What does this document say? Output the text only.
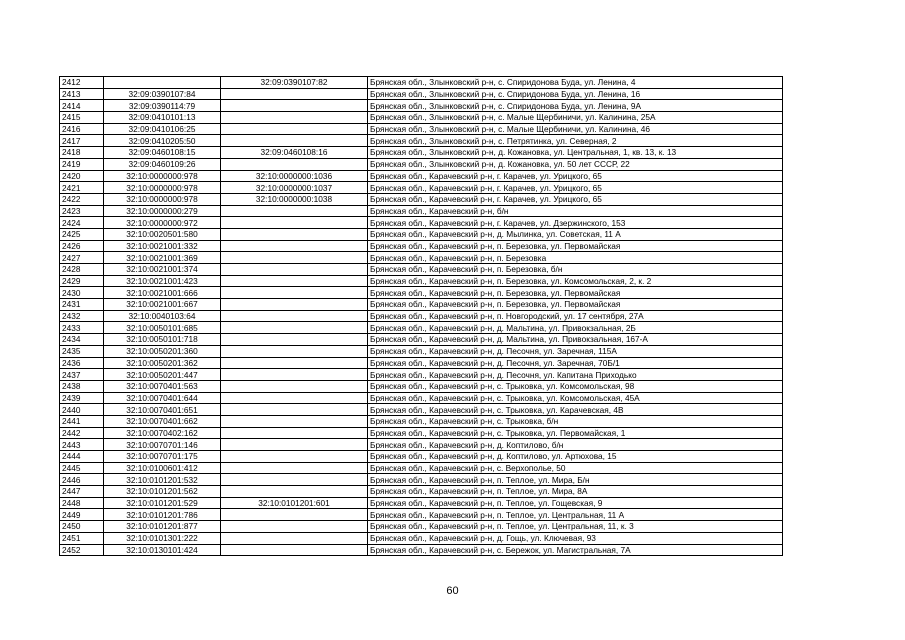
2412		32:09:0390107:82	Брянская обл., Злынковский р-н, с. Спиридонова Буда, ул. Ленина, 4
2413	32:09:0390107:84		Брянская обл., Злынковский р-н, с. Спиридонова Буда, ул. Ленина, 16
2414	32:09:0390114:79		Брянская обл., Злынковский р-н, с. Спиридонова Буда, ул. Ленина, 9А
2415	32:09:0410101:13		Брянская обл., Злынковский р-н, с. Малые Щербиничи, ул. Калинина, 25А
2416	32:09:0410106:25		Брянская обл., Злынковский р-н, с. Малые Щербиничи, ул. Калинина, 46
2417	32:09:0410205:50		Брянская обл., Злынковский р-н, с. Петрятинка, ул. Северная, 2
2418	32:09:0460108:15	32:09:0460108:16	Брянская обл., Злынковский р-н, д. Кожановка, ул. Центральная, 1, кв. 13, к. 13
2419	32:09:0460109:26		Брянская обл., Злынковский р-н, д. Кожановка, ул. 50 лет СССР, 22
2420	32:10:0000000:978	32:10:0000000:1036	Брянская обл., Карачевский р-н, г. Карачев, ул. Урицкого, 65
2421	32:10:0000000:978	32:10:0000000:1037	Брянская обл., Карачевский р-н, г. Карачев, ул. Урицкого, 65
2422	32:10:0000000:978	32:10:0000000:1038	Брянская обл., Карачевский р-н, г. Карачев, ул. Урицкого, 65
2423	32:10:0000000:279		Брянская обл., Карачевский р-н, б/н
2424	32:10:0000000:972		Брянская обл., Карачевский р-н, г. Карачев, ул. Дзержинского, 153
2425	32:10:0020501:580		Брянская обл., Карачевский р-н, д. Мылинка, ул. Советская, 11 А
2426	32:10:0021001:332		Брянская обл., Карачевский р-н, п. Березовка, ул. Первомайская
2427	32:10:0021001:369		Брянская обл., Карачевский р-н, п. Березовка
2428	32:10:0021001:374		Брянская обл., Карачевский р-н, п. Березовка, б/н
2429	32:10:0021001:423		Брянская обл., Карачевский р-н, п. Березовка, ул. Комсомольская, 2, к. 2
2430	32:10:0021001:666		Брянская обл., Карачевский р-н, п. Березовка, ул. Первомайская
2431	32:10:0021001:667		Брянская обл., Карачевский р-н, п. Березовка, ул. Первомайская
2432	32:10:0040103:64		Брянская обл., Карачевский р-н, п. Новгородский, ул. 17 сентября, 27А
2433	32:10:0050101:685		Брянская обл., Карачевский р-н, д. Мальтина, ул. Привокзальная, 2Б
2434	32:10:0050101:718		Брянская обл., Карачевский р-н, д. Мальтина, ул. Привокзальная, 167-А
2435	32:10:0050201:360		Брянская обл., Карачевский р-н, д. Песочня, ул. Заречная, 115А
2436	32:10:0050201:362		Брянская обл., Карачевский р-н, д. Песочня, ул. Заречная, 70Б/1
2437	32:10:0050201:447		Брянская обл., Карачевский р-н, д. Песочня, ул. Капитана Приходько
2438	32:10:0070401:563		Брянская обл., Карачевский р-н, с. Трыковка, ул. Комсомольская, 98
2439	32:10:0070401:644		Брянская обл., Карачевский р-н, с. Трыковка, ул. Комсомольская, 45А
2440	32:10:0070401:651		Брянская обл., Карачевский р-н, с. Трыковка, ул. Карачевская, 4В
2441	32:10:0070401:662		Брянская обл., Карачевский р-н, с. Трыковка, б/н
2442	32:10:0070402:162		Брянская обл., Карачевский р-н, с. Трыковка, ул. Первомайская, 1
2443	32:10:0070701:146		Брянская обл., Карачевский р-н, д. Коптилово, б/н
2444	32:10:0070701:175		Брянская обл., Карачевский р-н, д. Коптилово, ул. Артюхова, 15
2445	32:10:0100601:412		Брянская обл., Карачевский р-н, с. Верхополье, 50
2446	32:10:0101201:532		Брянская обл., Карачевский р-н, п. Теплое, ул. Мира, Б/н
2447	32:10:0101201:562		Брянская обл., Карачевский р-н, п. Теплое, ул. Мира, 8А
2448	32:10:0101201:529	32:10:0101201:601	Брянская обл., Карачевский р-н, п. Теплое, ул. Гощевская, 9
2449	32:10:0101201:786		Брянская обл., Карачевский р-н, п. Теплое, ул. Центральная, 11 А
2450	32:10:0101201:877		Брянская обл., Карачевский р-н, п. Теплое, ул. Центральная, 11, к. 3
2451	32:10:0101301:222		Брянская обл., Карачевский р-н, д. Гощь, ул. Ключевая, 93
2452	32:10:0130101:424		Брянская обл., Карачевский р-н, с. Бережок, ул. Магистральная, 7А
60
